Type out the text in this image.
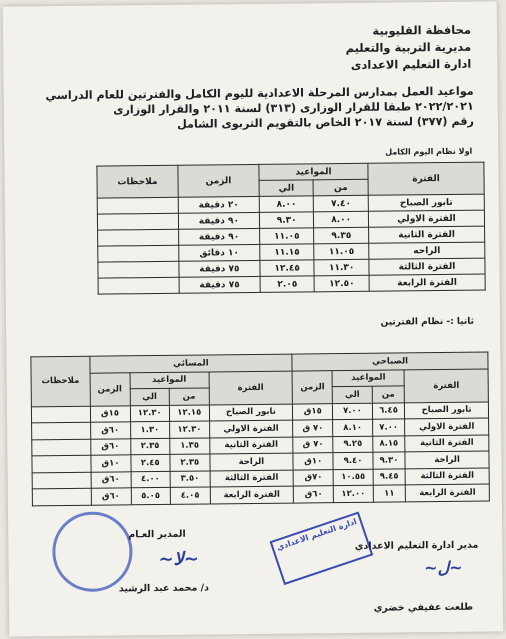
محافظة القليوبية
مديرية التربية والتعليم
ادارة التعليم الاعدادى
مواعيد العمل بمدارس المرحلة الاعدادية لليوم الكامل والفترتين للعام الدراسي
٢٠٢٢/٢٠٢١ طبقا للقرار الوزارى (٣١٣) لسنة ٢٠١١ والقرار الوزارى
رقم (٣٧٧) لسنة ٢٠١٧ الخاص بالتقويم التربوى الشامل
اولا نظام اليوم الكامل
الفترة	المواعيد		الزمن	ملاحظات
	من	الي		
تابور الصباح	٧.٤٠	٨.٠٠	٢٠ دقيقة	
الفترة الاولي	٨.٠٠	٩.٣٠	٩٠ دقيقة	
الفترة الثانية	٩.٣٥	١١.٠٥	٩٠ دقيقة	
الراحه	١١.٠٥	١١.١٥	١٠ دقائق	
الفترة الثالثة	١١.٣٠	١٢.٤٥	٧٥ دقيقة	
الفترة الرابعة	١٢.٥٠	٢.٠٥	٧٥ دقيقة	
ثانيا :- نظام الفترتين
الصباحي				المسائي				ملاحظات
الفترة	المواعيد		الزمن	الفترة	المواعيد		الزمن	
	من	الي			من	الي		
تابور الصباح	٦.٤٥	٧.٠٠	١٥ق	تابور الصباح	١٢.١٥	١٢.٣٠	١٥ق	
الفترة الاولي	٧.٠٠	٨.١٠	٧٠ ق	الفترة الاولي	١٢.٣٠	١.٣٠	٦٠ق	
الفترة الثانية	٨.١٥	٩.٢٥	٧٠ ق	الفترة الثانية	١.٣٥	٢.٣٥	٦٠ق	
الراحة	٩.٣٠	٩.٤٠	١٠ق	الراحة	٢.٣٥	٢.٤٥	١٠ق	
الفترة الثالثة	٩.٤٥	١٠.٥٥	٧٠ق	الفترة الثالثة	٣.٥٠	٤.٠٠	٦٠ق	
الفترة الرابعة	١١	١٢.٠٠	٦٠ق	الفترة الرابعة	٤.٠٥	٥.٠٥	٦٠ق	
ادارة التعليم الاعدادي
المدير العـام
~ﻻ~
د/ محمد عبد الرشيد
مدير ادارة التعليم الاعدادي
~ﻝ~
طلعت عفيفي خضري
